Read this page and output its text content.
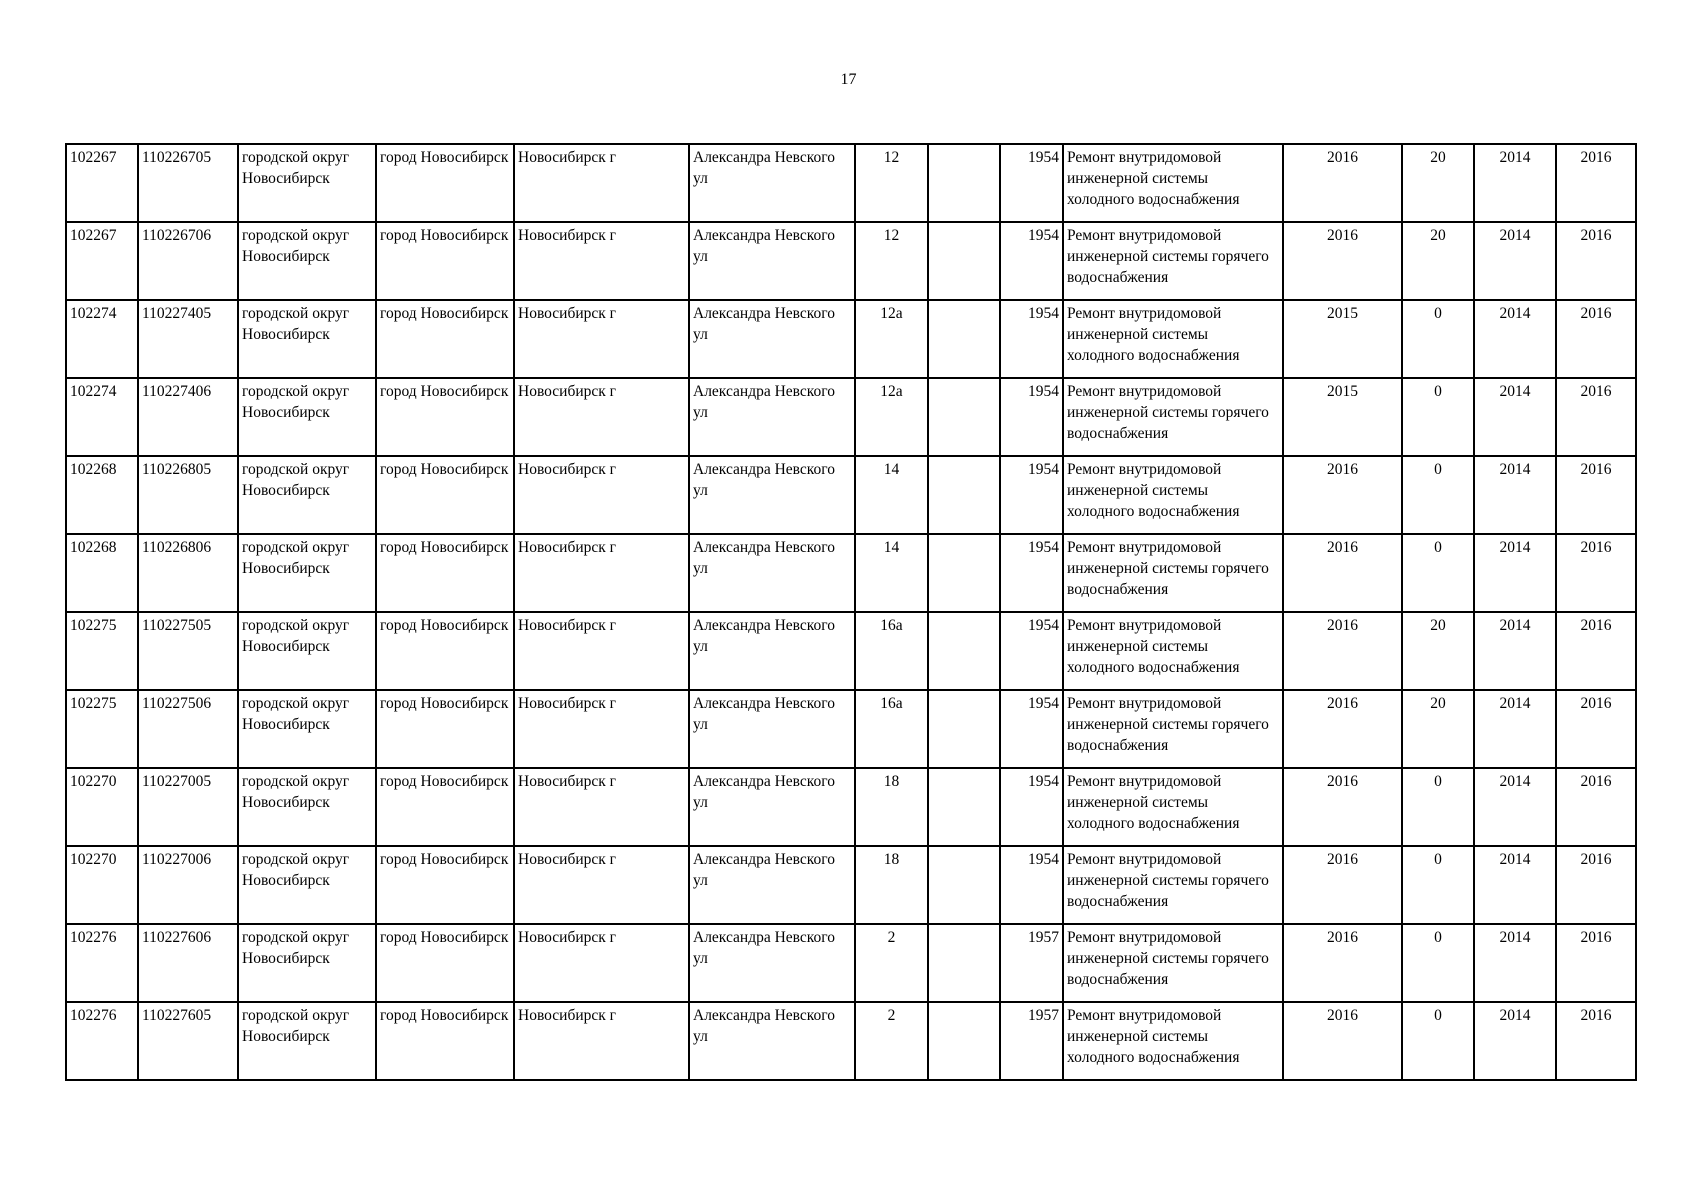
17
102267	110226705	городской округ Новосибирск	город Новосибирск	Новосибирск г	Александра Невского ул	12		1954	Ремонт внутридомовой инженерной системы холодного водоснабжения	2016	20	2014	2016
102267	110226706	городской округ Новосибирск	город Новосибирск	Новосибирск г	Александра Невского ул	12		1954	Ремонт внутридомовой инженерной системы горячего водоснабжения	2016	20	2014	2016
102274	110227405	городской округ Новосибирск	город Новосибирск	Новосибирск г	Александра Невского ул	12а		1954	Ремонт внутридомовой инженерной системы холодного водоснабжения	2015	0	2014	2016
102274	110227406	городской округ Новосибирск	город Новосибирск	Новосибирск г	Александра Невского ул	12а		1954	Ремонт внутридомовой инженерной системы горячего водоснабжения	2015	0	2014	2016
102268	110226805	городской округ Новосибирск	город Новосибирск	Новосибирск г	Александра Невского ул	14		1954	Ремонт внутридомовой инженерной системы холодного водоснабжения	2016	0	2014	2016
102268	110226806	городской округ Новосибирск	город Новосибирск	Новосибирск г	Александра Невского ул	14		1954	Ремонт внутридомовой инженерной системы горячего водоснабжения	2016	0	2014	2016
102275	110227505	городской округ Новосибирск	город Новосибирск	Новосибирск г	Александра Невского ул	16а		1954	Ремонт внутридомовой инженерной системы холодного водоснабжения	2016	20	2014	2016
102275	110227506	городской округ Новосибирск	город Новосибирск	Новосибирск г	Александра Невского ул	16а		1954	Ремонт внутридомовой инженерной системы горячего водоснабжения	2016	20	2014	2016
102270	110227005	городской округ Новосибирск	город Новосибирск	Новосибирск г	Александра Невского ул	18		1954	Ремонт внутридомовой инженерной системы холодного водоснабжения	2016	0	2014	2016
102270	110227006	городской округ Новосибирск	город Новосибирск	Новосибирск г	Александра Невского ул	18		1954	Ремонт внутридомовой инженерной системы горячего водоснабжения	2016	0	2014	2016
102276	110227606	городской округ Новосибирск	город Новосибирск	Новосибирск г	Александра Невского ул	2		1957	Ремонт внутридомовой инженерной системы горячего водоснабжения	2016	0	2014	2016
102276	110227605	городской округ Новосибирск	город Новосибирск	Новосибирск г	Александра Невского ул	2		1957	Ремонт внутридомовой инженерной системы холодного водоснабжения	2016	0	2014	2016
